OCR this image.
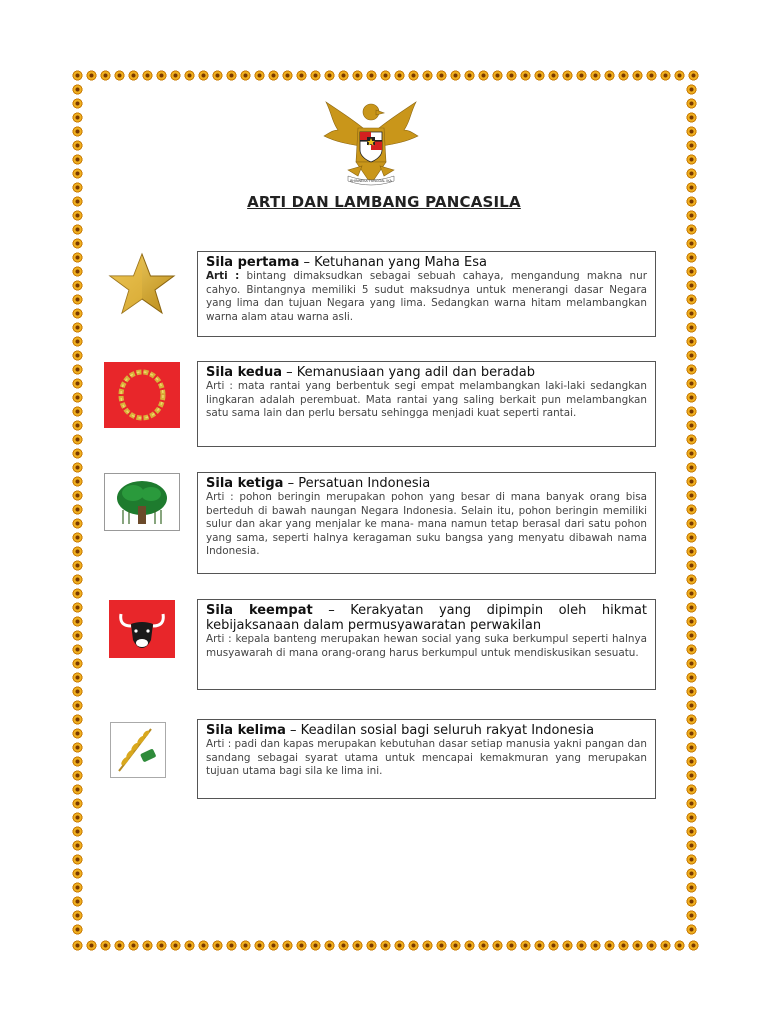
BHINNEKA TUNGGAL IKA
ARTI DAN LAMBANG PANCASILA
Sila pertama – Ketuhanan yang Maha Esa
Arti : bintang dimaksudkan sebagai sebuah cahaya, mengandung makna nur cahyo. Bintangnya memiliki 5 sudut maksudnya untuk menerangi dasar Negara yang lima dan tujuan Negara yang lima. Sedangkan warna hitam melambangkan warna alam atau warna asli.
Sila kedua – Kemanusiaan yang adil dan beradab
Arti : mata rantai yang berbentuk segi empat melambangkan laki-laki sedangkan lingkaran adalah perembuat. Mata rantai yang saling berkait pun melambangkan satu sama lain dan perlu bersatu sehingga menjadi kuat seperti rantai.
Sila ketiga – Persatuan Indonesia
Arti : pohon beringin merupakan pohon yang besar di mana banyak orang bisa berteduh di bawah naungan Negara Indonesia. Selain itu, pohon beringin memiliki sulur dan akar yang menjalar ke mana- mana namun tetap berasal dari satu pohon yang sama, seperti halnya keragaman suku bangsa yang menyatu dibawah nama Indonesia.
Sila keempat – Kerakyatan yang dipimpin oleh hikmat kebijaksanaan dalam permusyawaratan perwakilan
Arti : kepala banteng merupakan hewan social yang suka berkumpul seperti halnya musyawarah di mana orang-orang harus berkumpul untuk mendiskusikan sesuatu.
Sila kelima – Keadilan sosial bagi seluruh rakyat Indonesia
Arti : padi dan kapas merupakan kebutuhan dasar setiap manusia yakni pangan dan sandang sebagai syarat utama untuk mencapai kemakmuran yang merupakan tujuan utama bagi sila ke lima ini.
